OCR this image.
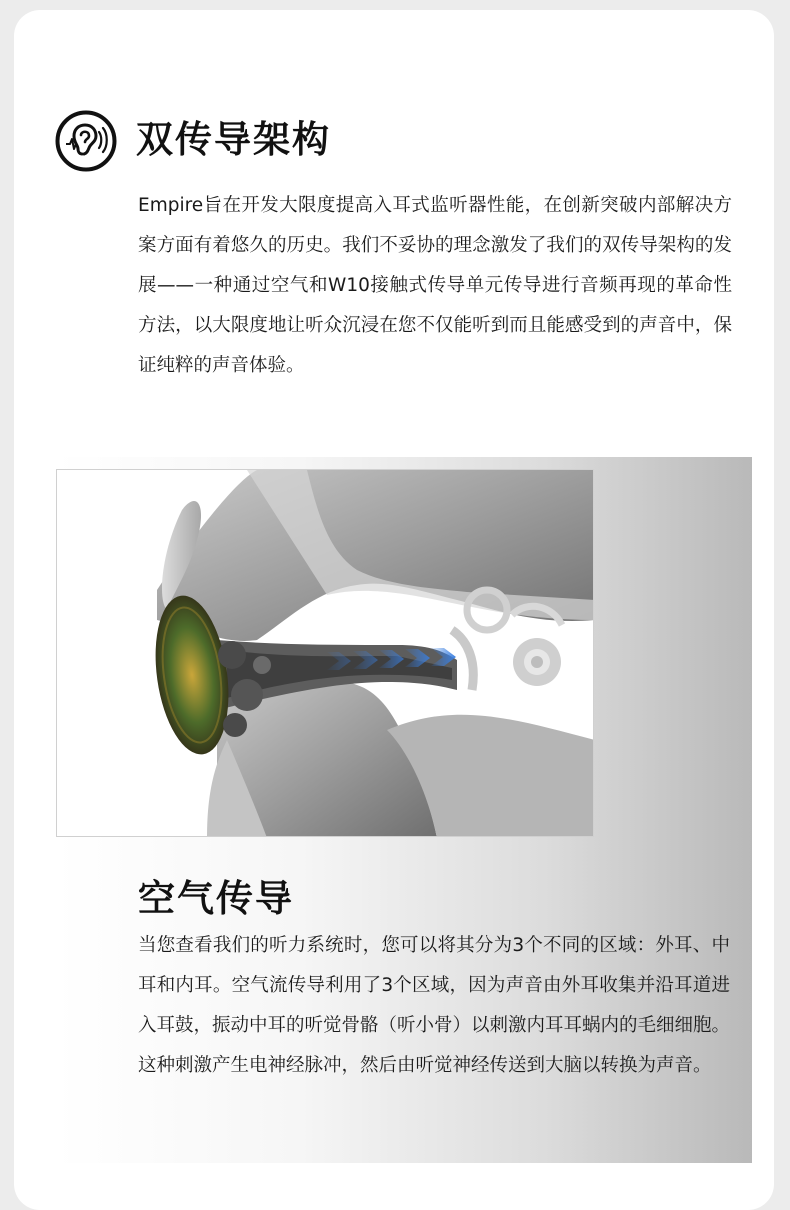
双传导架构

Empire旨在开发大限度提高入耳式监听器性能，在创新突破内部解决方案方面有着悠久的历史。我们不妥协的理念激发了我们的双传导架构的发展——一种通过空气和W10接触式传导单元传导进行音频再现的革命性方法，以大限度地让听众沉浸在您不仅能听到而且能感受到的声音中，保证纯粹的声音体验。

空气传导

当您查看我们的听力系统时，您可以将其分为3个不同的区域：外耳、中耳和内耳。空气流传导利用了3个区域，因为声音由外耳收集并沿耳道进入耳鼓，振动中耳的听觉骨骼（听小骨）以刺激内耳耳蜗内的毛细细胞。这种刺激产生电神经脉冲，然后由听觉神经传送到大脑以转换为声音。
